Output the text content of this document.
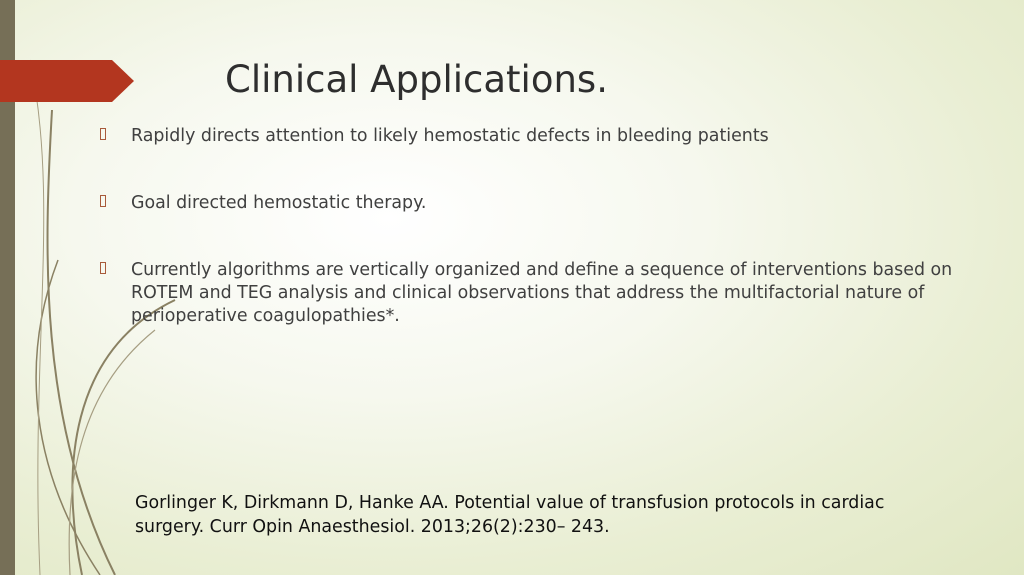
Clinical Applications.
Rapidly directs attention to likely hemostatic defects in bleeding patients
Goal directed hemostatic therapy.
Currently algorithms are vertically organized and define a sequence of interventions based on ROTEM and TEG analysis and clinical observations that address the multifactorial nature of perioperative coagulopathies*.
Gorlinger K, Dirkmann D, Hanke AA. Potential value of transfusion protocols in cardiac surgery. Curr Opin Anaesthesiol. 2013;26(2):230– 243.
